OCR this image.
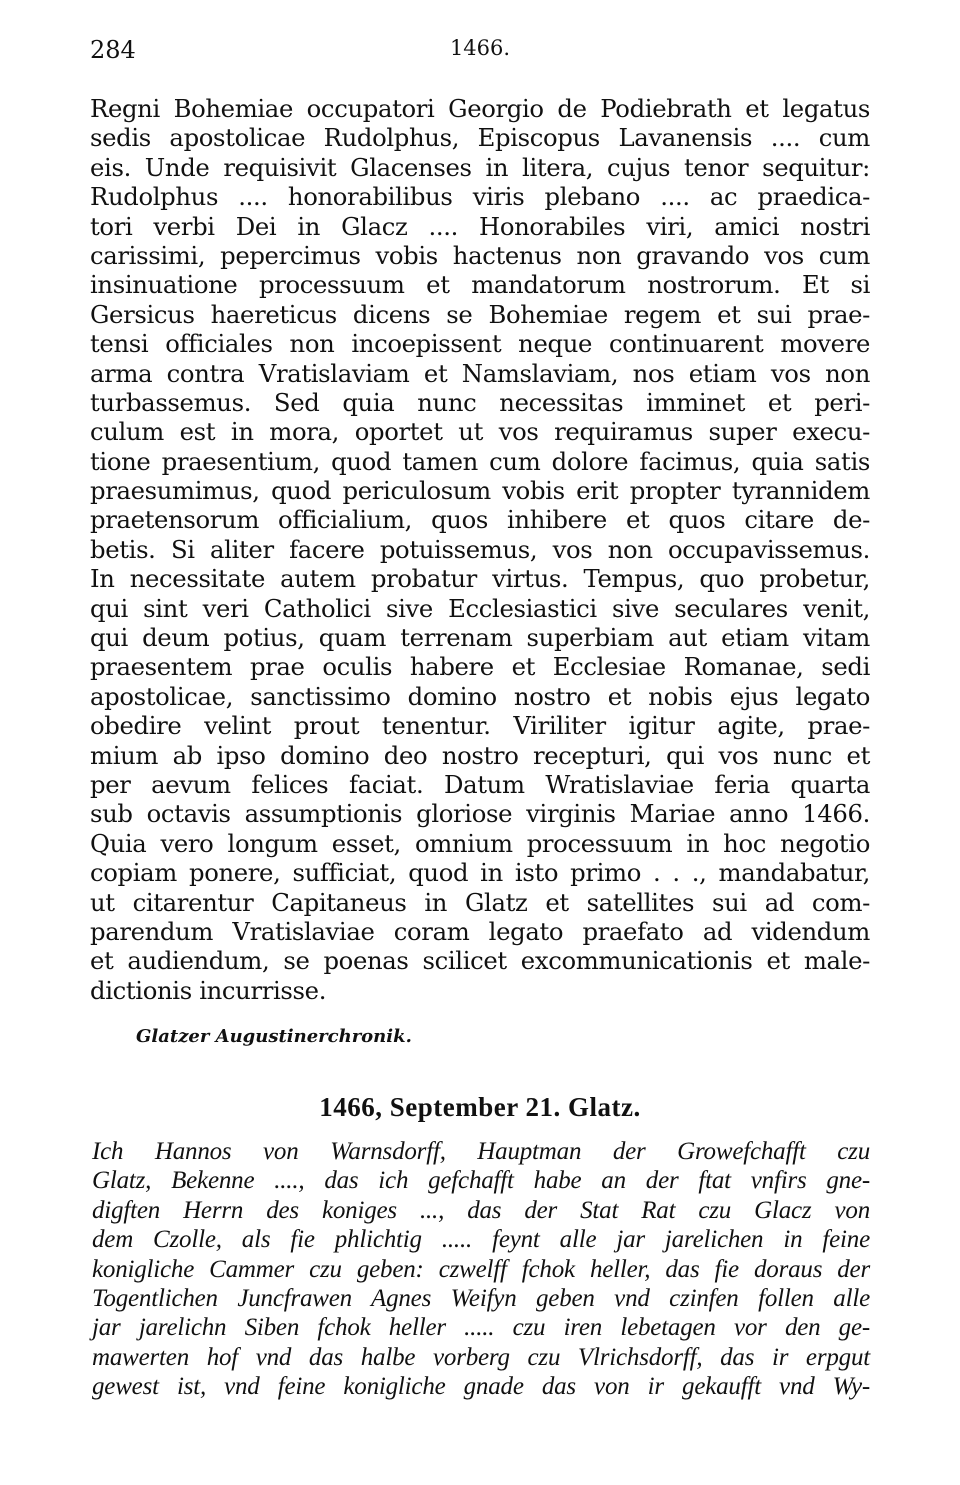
284	1466.
Regni Bohemiae occupatori Georgio de Podiebrath et legatus
sedis apostolicae Rudolphus, Episcopus Lavanensis .... cum
eis. Unde requisivit Glacenses in litera, cujus tenor sequitur:
Rudolphus .... honorabilibus viris plebano .... ac praedica-
tori verbi Dei in Glacz .... Honorabiles viri, amici nostri
carissimi, pepercimus vobis hactenus non gravando vos cum
insinuatione processuum et mandatorum nostrorum. Et si
Gersicus haereticus dicens se Bohemiae regem et sui prae-
tensi officiales non incoepissent neque continuarent movere
arma contra Vratislaviam et Namslaviam, nos etiam vos non
turbassemus. Sed quia nunc necessitas imminet et peri-
culum est in mora, oportet ut vos requiramus super execu-
tione praesentium, quod tamen cum dolore facimus, quia satis
praesumimus, quod periculosum vobis erit propter tyrannidem
praetensorum officialium, quos inhibere et quos citare de-
betis. Si aliter facere potuissemus, vos non occupavissemus.
In necessitate autem probatur virtus. Tempus, quo probetur,
qui sint veri Catholici sive Ecclesiastici sive seculares venit,
qui deum potius, quam terrenam superbiam aut etiam vitam
praesentem prae oculis habere et Ecclesiae Romanae, sedi
apostolicae, sanctissimo domino nostro et nobis ejus legato
obedire velint prout tenentur. Viriliter igitur agite, prae-
mium ab ipso domino deo nostro recepturi, qui vos nunc et
per aevum felices faciat. Datum Wratislaviae feria quarta
sub octavis assumptionis gloriose virginis Mariae anno 1466.
Quia vero longum esset, omnium processuum in hoc negotio
copiam ponere, sufficiat, quod in isto primo . . ., mandabatur,
ut citarentur Capitaneus in Glatz et satellites sui ad com-
parendum Vratislaviae coram legato praefato ad videndum
et audiendum, se poenas scilicet excommunicationis et male-
dictionis incurrisse.
Glatzer Augustinerchronik.
1466, September 21. Glatz.
Ich Hannos von Warnsdorff, Hauptman der Growefchafft czu
Glatz, Bekenne ...., das ich gefchafft habe an der ftat vnfirs gne-
digften Herrn des koniges ..., das der Stat Rat czu Glacz von
dem Czolle, als fie phlichtig ..... feynt alle jar jarelichen in feine
konigliche Cammer czu geben: czwelff fchok heller, das fie doraus der
Togentlichen Juncfrawen Agnes Weifyn geben vnd czinfen follen alle
jar jarelichn Siben fchok heller ..... czu iren lebetagen vor den ge-
mawerten hof vnd das halbe vorberg czu Vlrichsdorff, das ir erpgut
gewest ist, vnd feine konigliche gnade das von ir gekaufft vnd Wy-
